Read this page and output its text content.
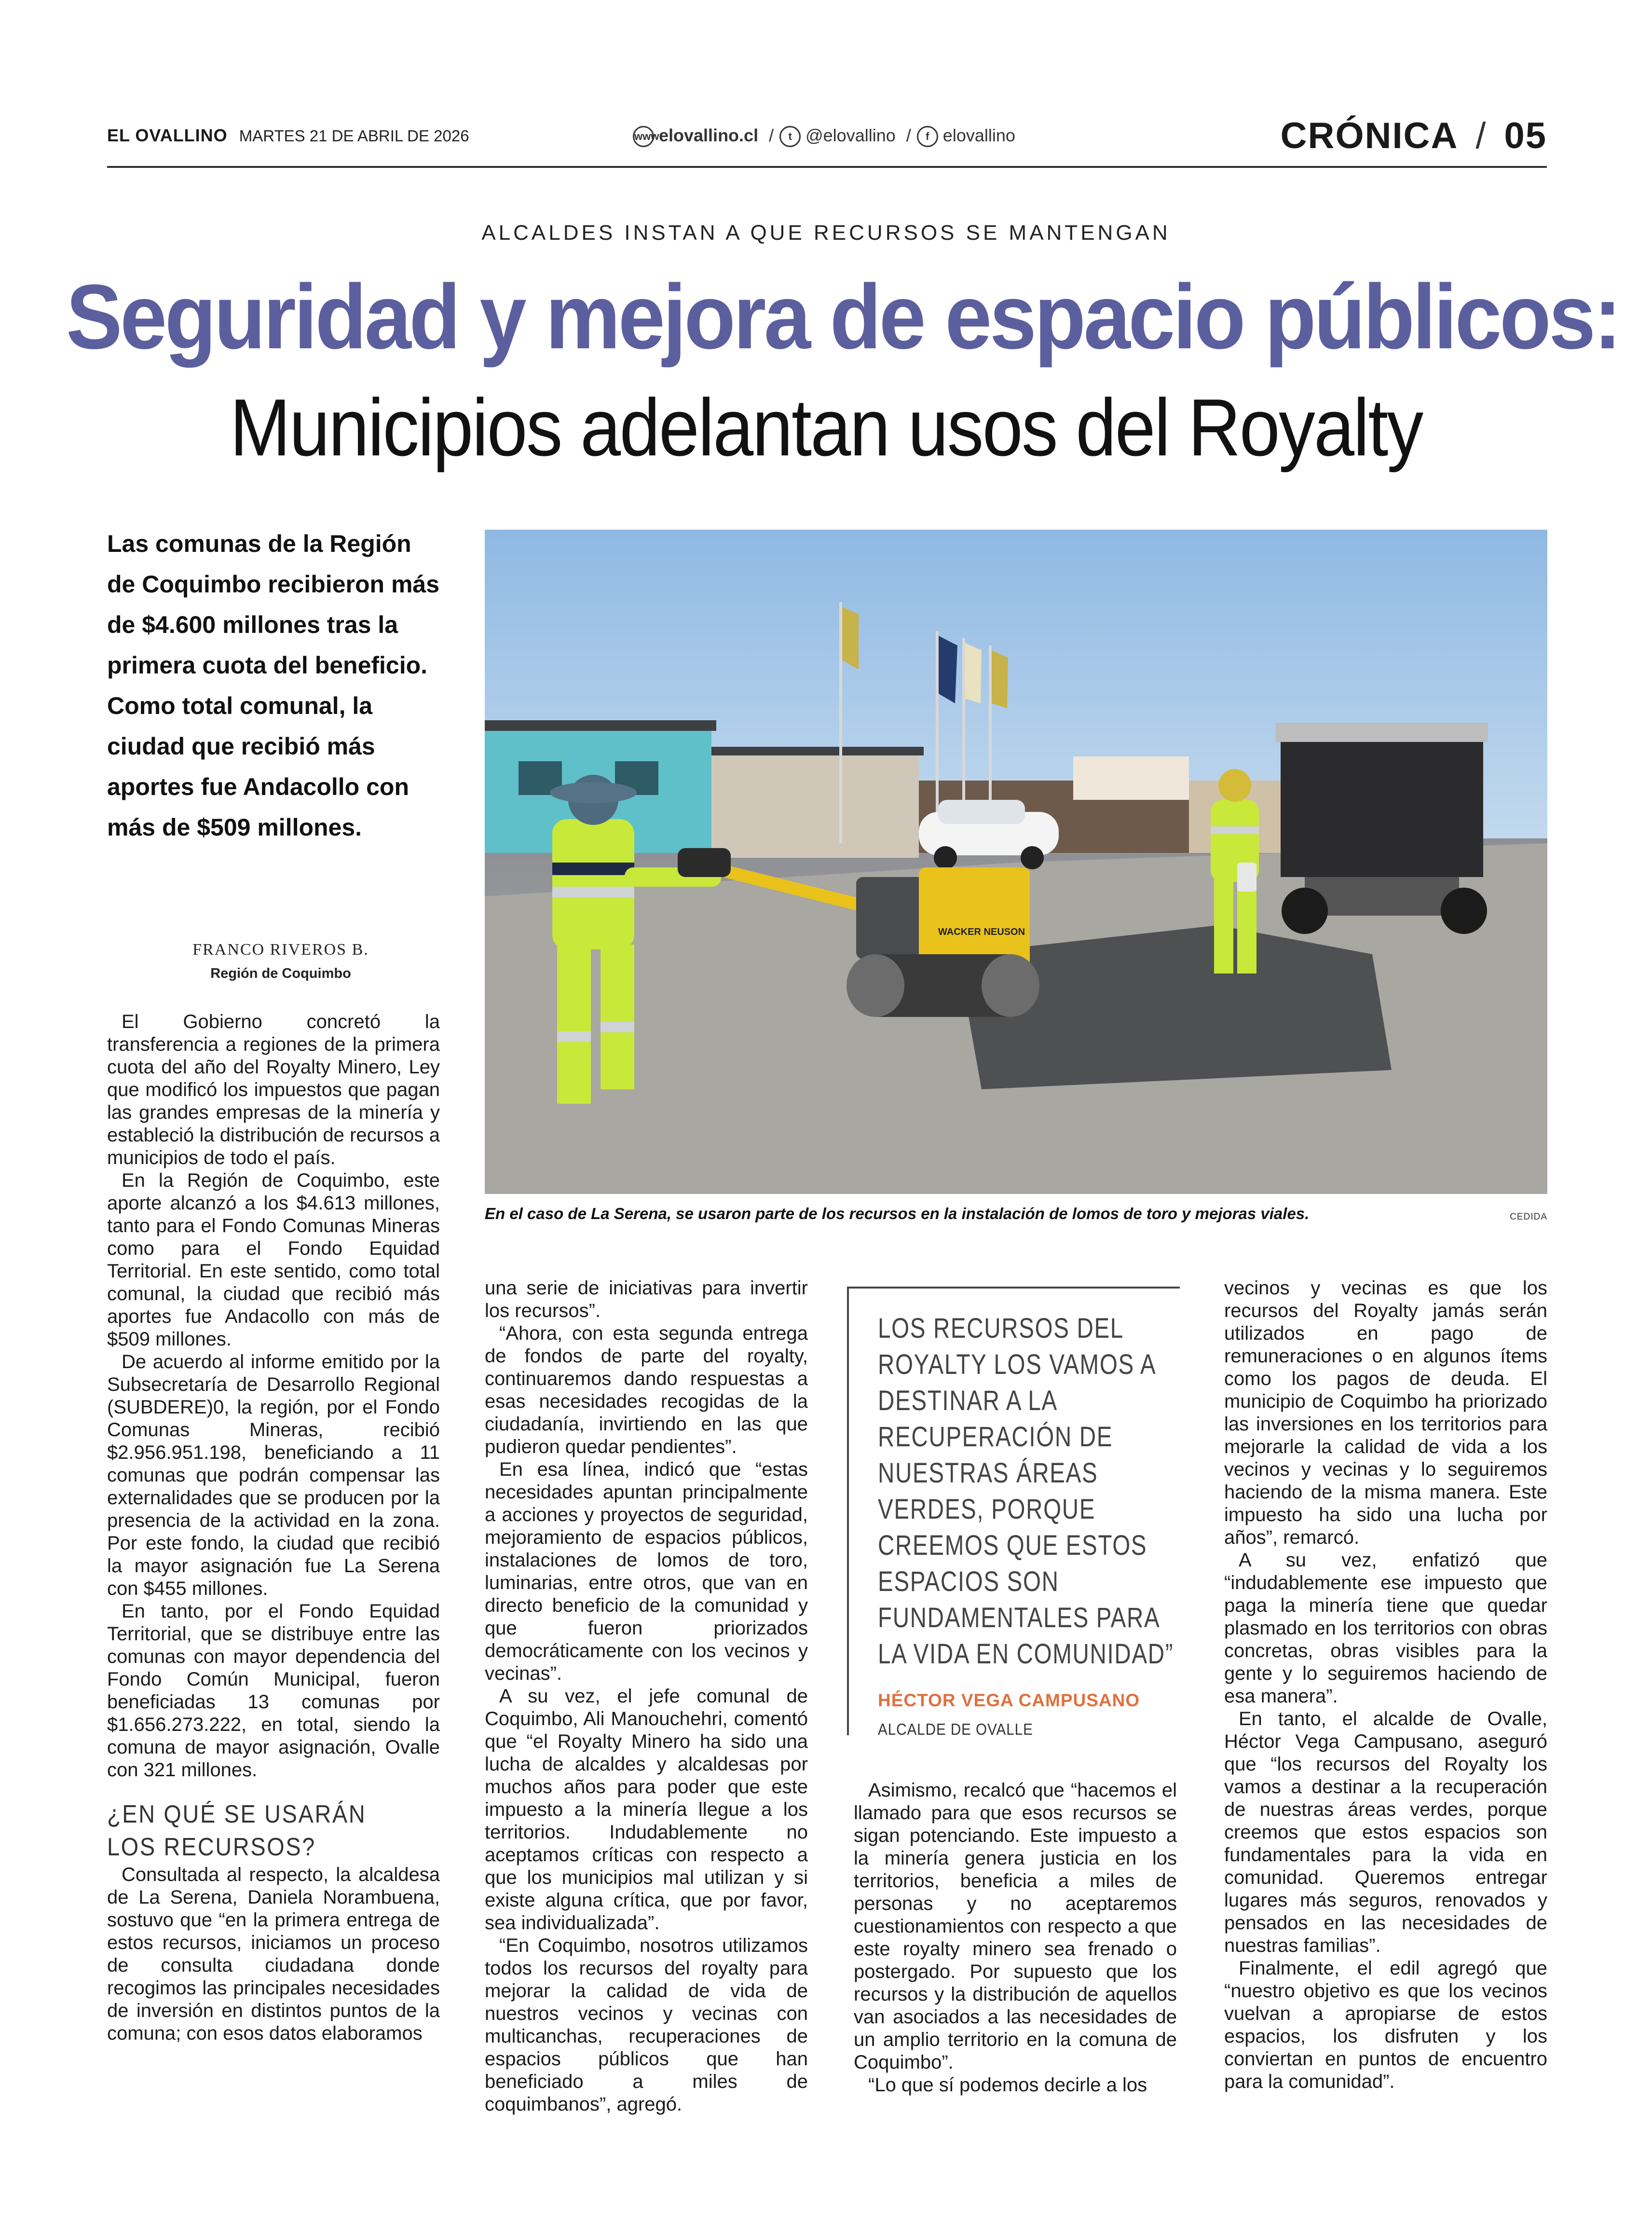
EL OVALLINO MARTES 21 DE ABRIL DE 2026	wwwelovallino.cl / t @elovallino / f elovallino	CRÓNICA / 05
ALCALDES INSTAN A QUE RECURSOS SE MANTENGAN
Seguridad y mejora de espacio públicos:
Municipios adelantan usos del Royalty
Las comunas de la Región de Coquimbo recibieron más de $4.600 millones tras la primera cuota del beneficio. Como total comunal, la ciudad que recibió más aportes fue Andacollo con más de $509 millones.
FRANCO RIVEROS B.
Región de Coquimbo
WACKER NEUSON
En el caso de La Serena, se usaron parte de los recursos en la instalación de lomos de toro y mejoras viales.	CEDIDA

El Gobierno concretó la transferencia a regiones de la primera cuota del año del Royalty Minero, Ley que modificó los impuestos que pagan las grandes empresas de la minería y estableció la distribución de recursos a municipios de todo el país.

En la Región de Coquimbo, este aporte alcanzó a los $4.613 millones, tanto para el Fondo Comunas Mineras como para el Fondo Equidad Territorial. En este sentido, como total comunal, la ciudad que recibió más aportes fue Andacollo con más de $509 millones.

De acuerdo al informe emitido por la Subsecretaría de Desarrollo Regional (SUBDERE)0, la región, por el Fondo Comunas Mineras, recibió $2.956.951.198, beneficiando a 11 comunas que podrán compensar las externalidades que se producen por la presencia de la actividad en la zona. Por este fondo, la ciudad que recibió la mayor asignación fue La Serena con $455 millones.

En tanto, por el Fondo Equidad Territorial, que se distribuye entre las comunas con mayor dependencia del Fondo Común Municipal, fueron beneficiadas 13 comunas por $1.656.273.222, en total, siendo la comuna de mayor asignación, Ovalle con 321 millones.

¿EN QUÉ SE USARÁN
LOS RECURSOS?

Consultada al respecto, la alcaldesa de La Serena, Daniela Norambuena, sostuvo que “en la primera entrega de estos recursos, iniciamos un proceso de consulta ciudadana donde recogimos las principales necesidades de inversión en distintos puntos de la comuna; con esos datos elaboramos

una serie de iniciativas para invertir los recursos”.

“Ahora, con esta segunda entrega de fondos de parte del royalty, continuaremos dando respuestas a esas necesidades recogidas de la ciudadanía, invirtiendo en las que pudieron quedar pendientes”.

En esa línea, indicó que “estas necesidades apuntan principalmente a acciones y proyectos de seguridad, mejoramiento de espacios públicos, instalaciones de lomos de toro, luminarias, entre otros, que van en directo beneficio de la comunidad y que fueron priorizados democráticamente con los vecinos y vecinas”.

A su vez, el jefe comunal de Coquimbo, Ali Manouchehri, comentó que “el Royalty Minero ha sido una lucha de alcaldes y alcaldesas por muchos años para poder que este impuesto a la minería llegue a los territorios. Indudablemente no aceptamos críticas con respecto a que los municipios mal utilizan y si existe alguna crítica, que por favor, sea individualizada”.

“En Coquimbo, nosotros utilizamos todos los recursos del royalty para mejorar la calidad de vida de nuestros vecinos y vecinas con multicanchas, recuperaciones de espacios públicos que han beneficiado a miles de coquimbanos”, agregó.

LOS RECURSOS DEL ROYALTY LOS VAMOS A DESTINAR A LA RECUPERACIÓN DE NUESTRAS ÁREAS VERDES, PORQUE CREEMOS QUE ESTOS ESPACIOS SON FUNDAMENTALES PARA LA VIDA EN COMUNIDAD”
HÉCTOR VEGA CAMPUSANO
ALCALDE DE OVALLE

Asimismo, recalcó que “hacemos el llamado para que esos recursos se sigan potenciando. Este impuesto a la minería genera justicia en los territorios, beneficia a miles de personas y no aceptaremos cuestionamientos con respecto a que este royalty minero sea frenado o postergado. Por supuesto que los recursos y la distribución de aquellos van asociados a las necesidades de un amplio territorio en la comuna de Coquimbo”.

“Lo que sí podemos decirle a los

vecinos y vecinas es que los recursos del Royalty jamás serán utilizados en pago de remuneraciones o en algunos ítems como los pagos de deuda. El municipio de Coquimbo ha priorizado las inversiones en los territorios para mejorarle la calidad de vida a los vecinos y vecinas y lo seguiremos haciendo de la misma manera. Este impuesto ha sido una lucha por años”, remarcó.

A su vez, enfatizó que “indudablemente ese impuesto que paga la minería tiene que quedar plasmado en los territorios con obras concretas, obras visibles para la gente y lo seguiremos haciendo de esa manera”.

En tanto, el alcalde de Ovalle, Héctor Vega Campusano, aseguró que “los recursos del Royalty los vamos a destinar a la recuperación de nuestras áreas verdes, porque creemos que estos espacios son fundamentales para la vida en comunidad. Queremos entregar lugares más seguros, renovados y pensados en las necesidades de nuestras familias”.

Finalmente, el edil agregó que “nuestro objetivo es que los vecinos vuelvan a apropiarse de estos espacios, los disfruten y los conviertan en puntos de encuentro para la comunidad”.
